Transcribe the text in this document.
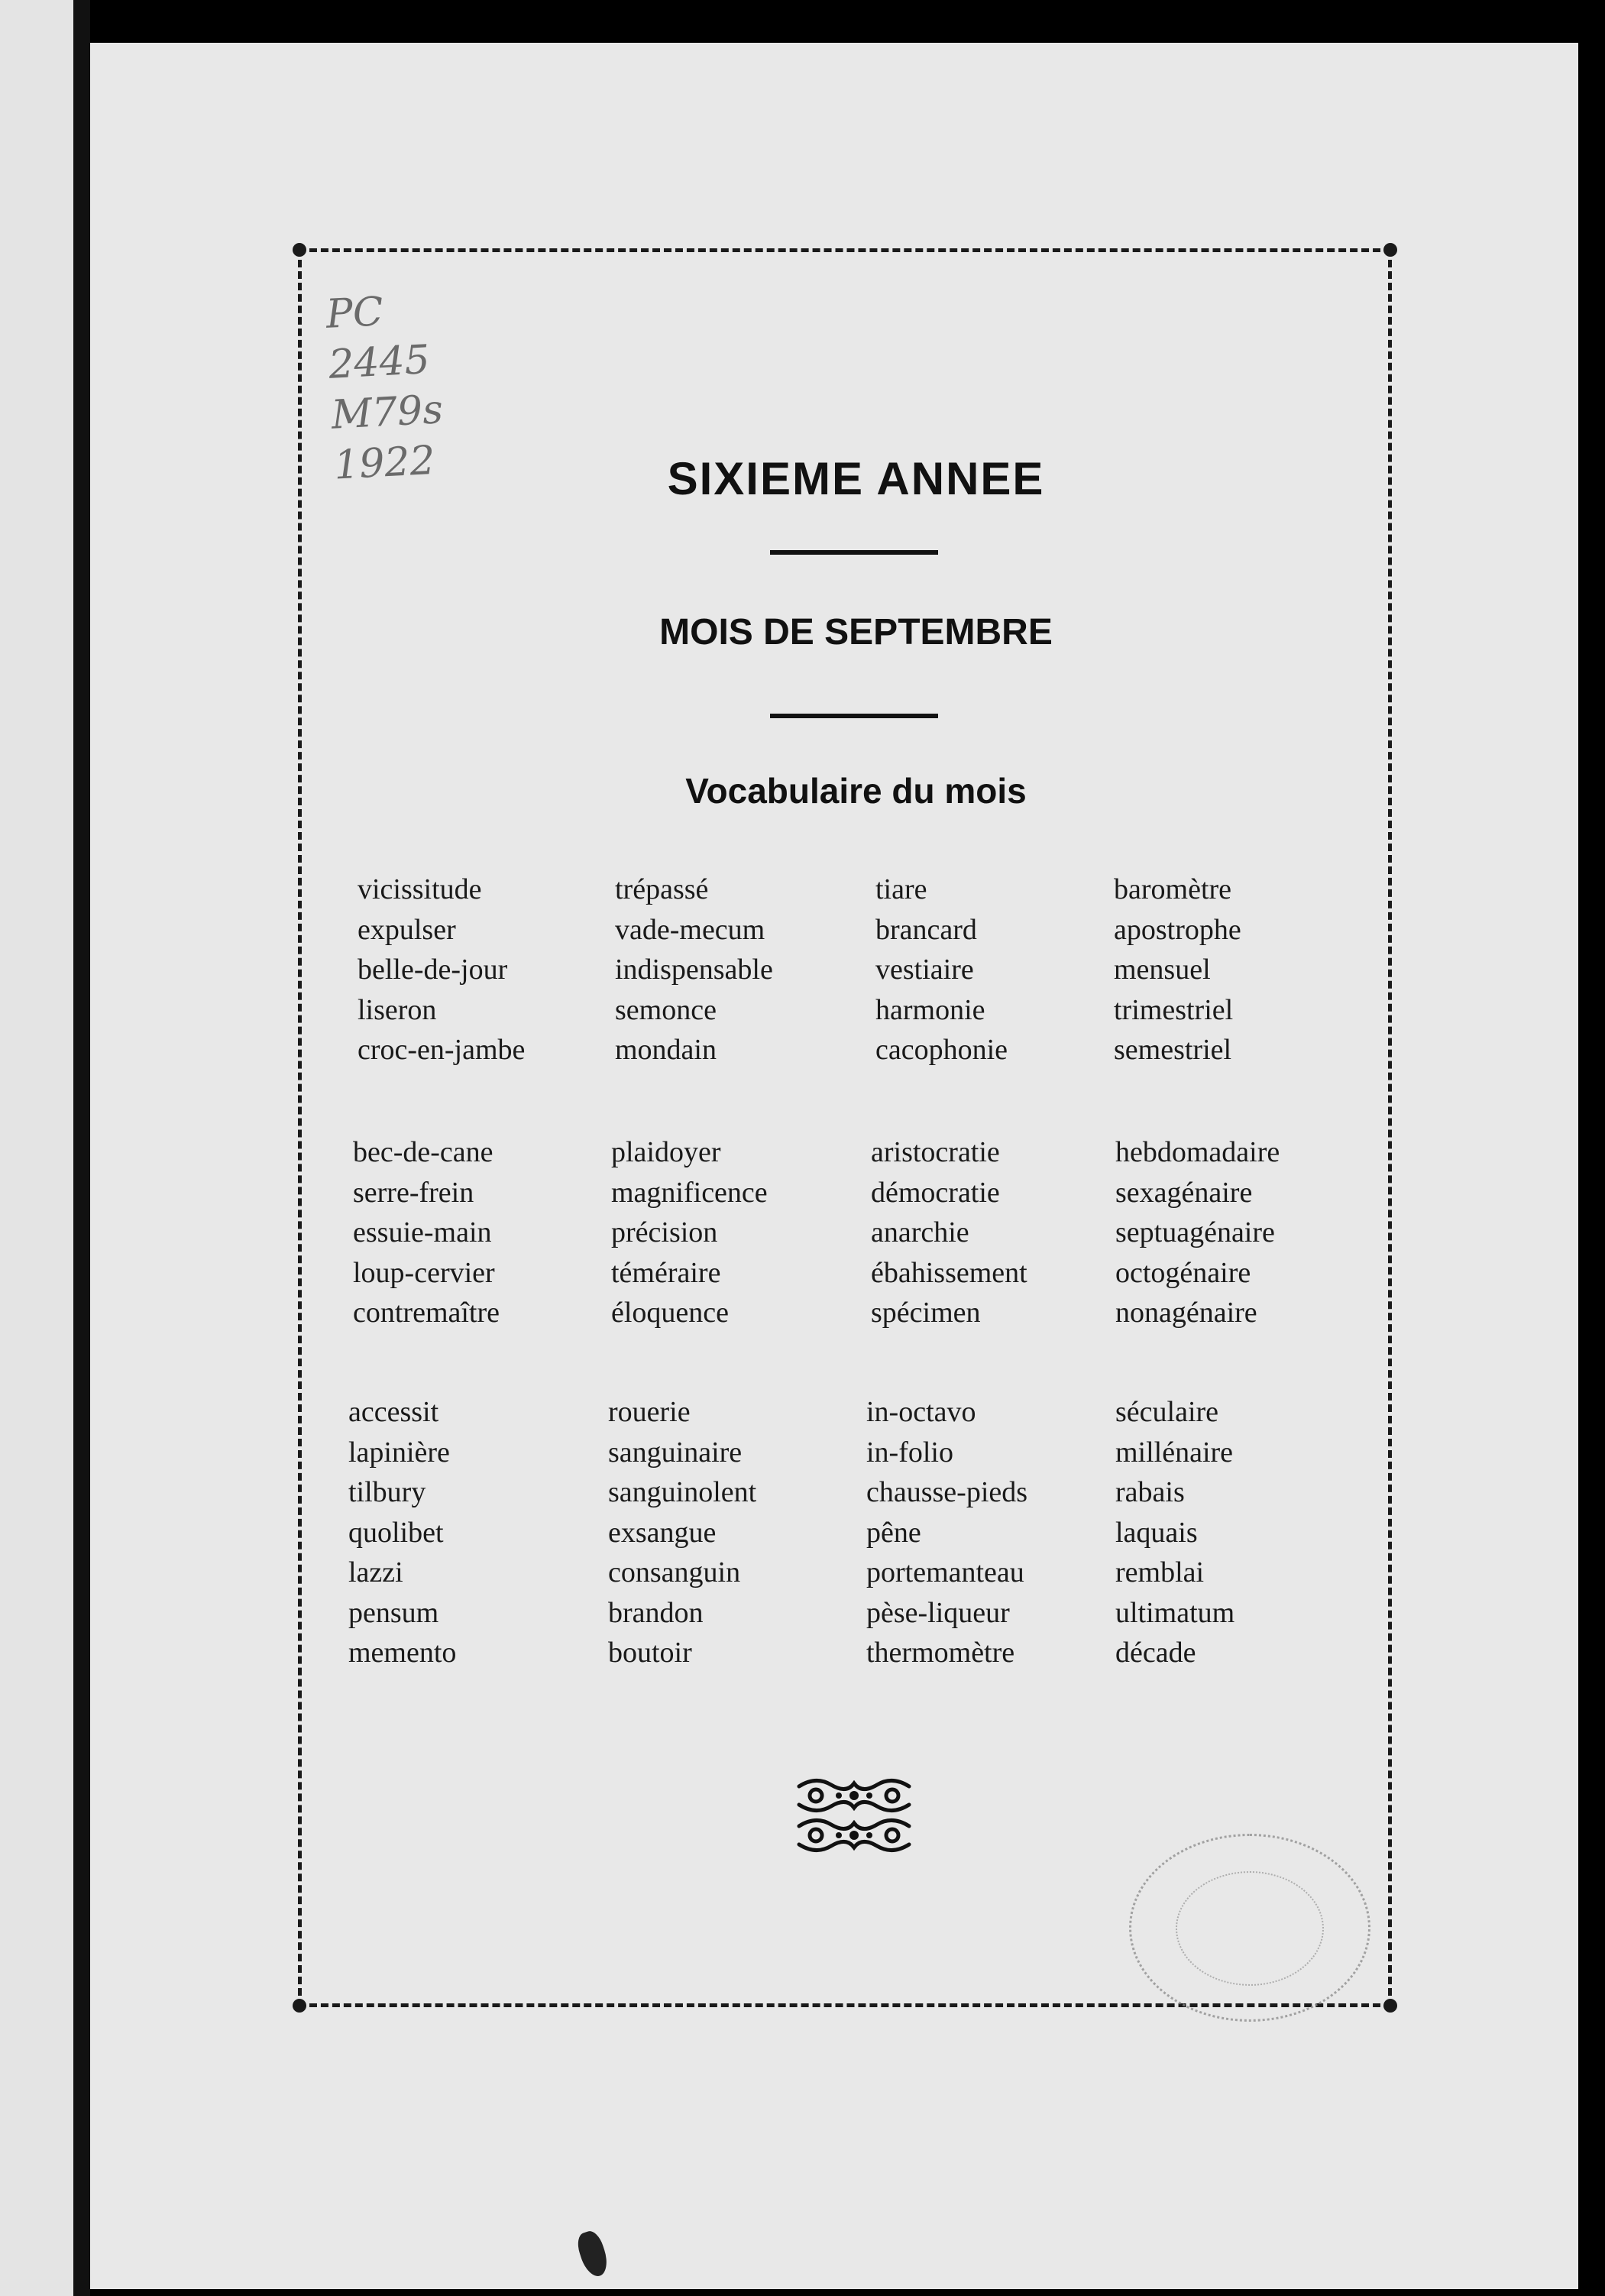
PC
2445
M79s
1922	SIXIEME ANNEE
MOIS DE SEPTEMBRE
Vocabulaire du mois
vicissitude
expulser
belle-de-jour
liseron
croc-en-jambe
trépassé
vade-mecum
indispensable
semonce
mondain
tiare
brancard
vestiaire
harmonie
cacophonie
baromètre
apostrophe
mensuel
trimestriel
semestriel
bec-de-cane
serre-frein
essuie-main
loup-cervier
contremaître
plaidoyer
magnificence
précision
téméraire
éloquence
aristocratie
démocratie
anarchie
ébahissement
spécimen
hebdomadaire
sexagénaire
septuagénaire
octogénaire
nonagénaire
accessit
lapinière
tilbury
quolibet
lazzi
pensum
memento
rouerie
sanguinaire
sanguinolent
exsangue
consanguin
brandon
boutoir
in-octavo
in-folio
chausse-pieds
pêne
portemanteau
pèse-liqueur
thermomètre
séculaire
millénaire
rabais
laquais
remblai
ultimatum
décade
